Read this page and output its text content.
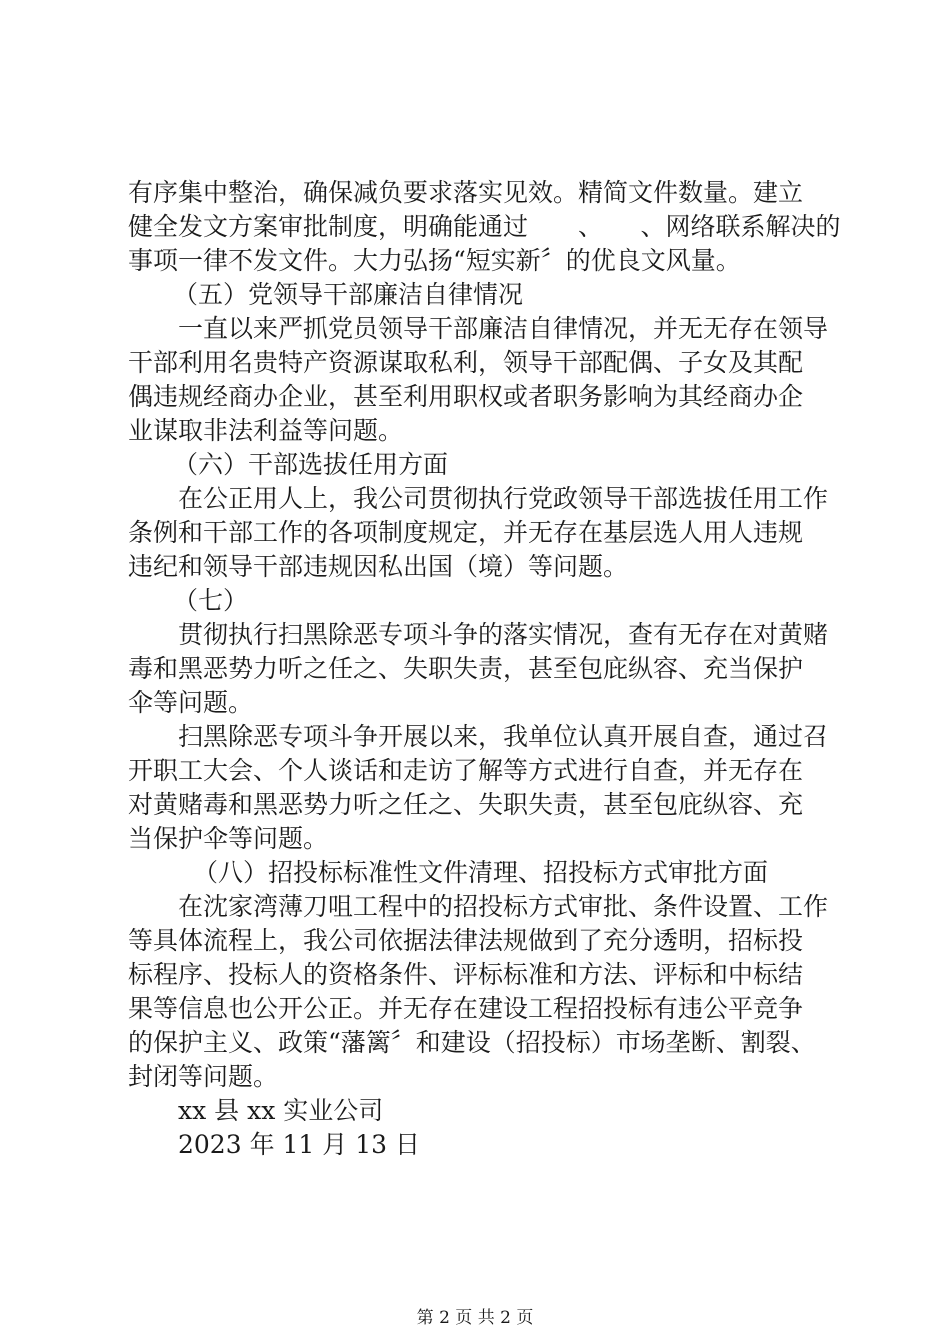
有序集中整治，确保减负要求落实见效。精简文件数量。建立
健全发文方案审批制度，明确能通过　　、　　、网络联系解决的
事项一律不发文件。大力弘扬“短实新〞的优良文风量。
（五）党领导干部廉洁自律情况
一直以来严抓党员领导干部廉洁自律情况，并无无存在领导
干部利用名贵特产资源谋取私利，领导干部配偶、子女及其配
偶违规经商办企业，甚至利用职权或者职务影响为其经商办企
业谋取非法利益等问题。
（六）干部选拔任用方面
在公正用人上，我公司贯彻执行党政领导干部选拔任用工作
条例和干部工作的各项制度规定，并无存在基层选人用人违规
违纪和领导干部违规因私出国（境）等问题。
（七）
贯彻执行扫黑除恶专项斗争的落实情况，查有无存在对黄赌
毒和黑恶势力听之任之、失职失责，甚至包庇纵容、充当保护
伞等问题。
扫黑除恶专项斗争开展以来，我单位认真开展自查，通过召
开职工大会、个人谈话和走访了解等方式进行自查，并无存在
对黄赌毒和黑恶势力听之任之、失职失责，甚至包庇纵容、充
当保护伞等问题。
（八）招投标标准性文件清理、招投标方式审批方面
在沈家湾薄刀咀工程中的招投标方式审批、条件设置、工作
等具体流程上，我公司依据法律法规做到了充分透明，招标投
标程序、投标人的资格条件、评标标准和方法、评标和中标结
果等信息也公开公正。并无存在建设工程招投标有违公平竞争
的保护主义、政策“藩篱〞和建设（招投标）市场垄断、割裂、
封闭等问题。
xx 县 xx 实业公司
2023 年 11 月 13 日
第 2 页 共 2 页
